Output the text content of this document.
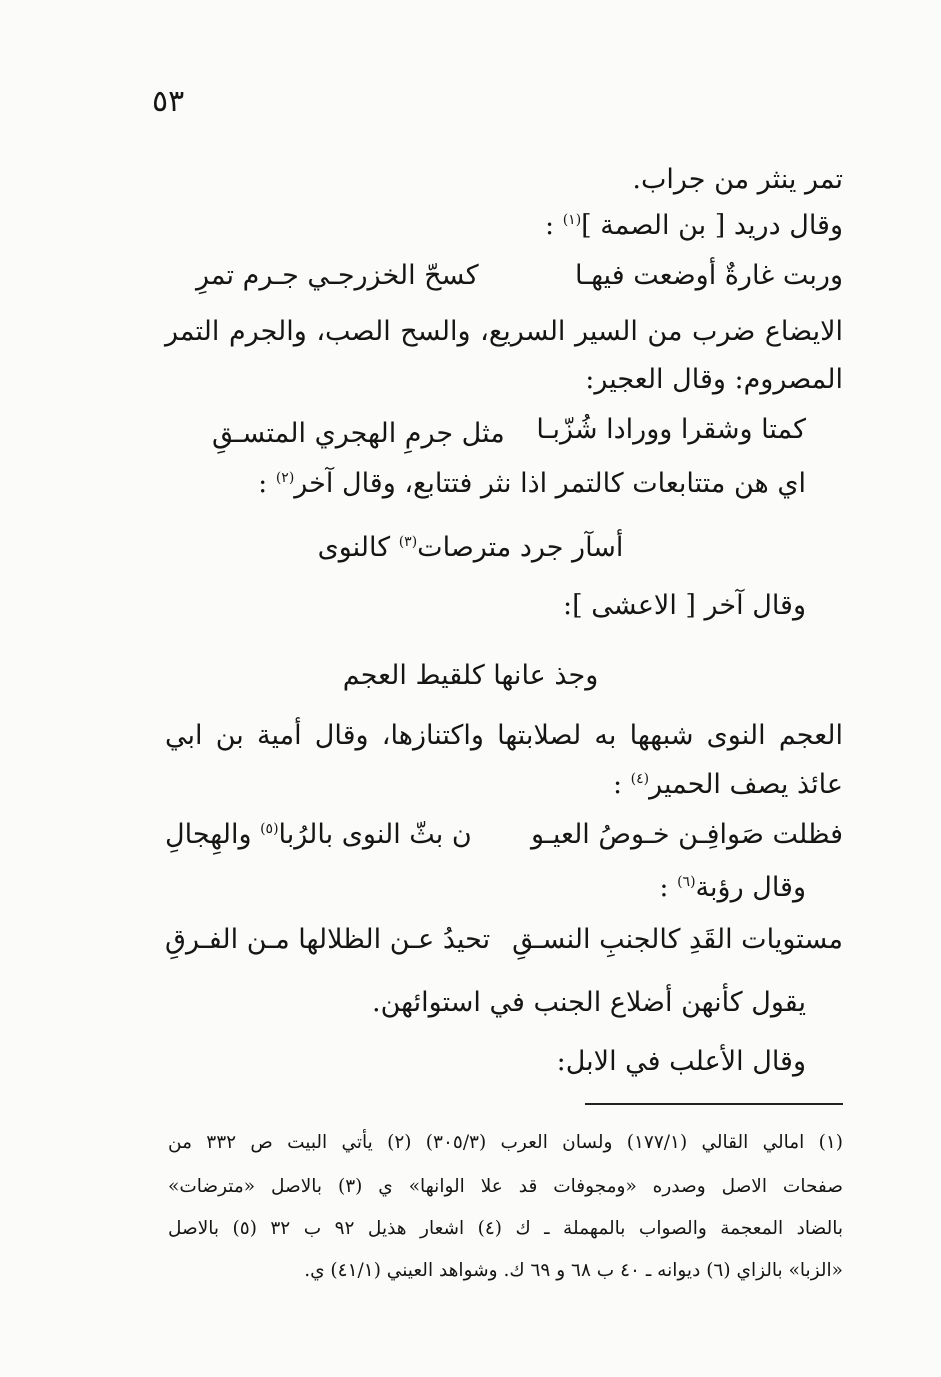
٥٣
تمر ينثر من جراب.
وقال دريد [ بن الصمة ]$^{(١)}$ :
وربت غارةٌ أوضعت فيهـا
كسحّ الخزرجـي جـرم تمرِ
الايضاع ضرب من السير السريع، والسح الصب، والجرم التمر
المصروم: وقال العجير:
كمتا وشقرا وورادا شُزّبـا
مثل جرمِ الهجري المتسـقِ
اي هن متتابعات كالتمر اذا نثر فتتابع، وقال آخر$^{(٢)}$ :
أسآر جرد مترصات$^{(٣)}$ كالنوى
وقال آخر [ الاعشى ]:
وجذ عانها كلقيط العجم
العجم النوى شبهها به لصلابتها واكتنازها، وقال أمية بن ابي
عائذ يصف الحمير$^{(٤)}$ :
فظلت صَوافِـن خـوصُ العيـو
ن بثّ النوى بالرُبا$^{(٥)}$ والهِجالِ
وقال رؤبة$^{(٦)}$ :
مستويات القَدِ كالجنبِ النسـقِ
تحيدُ عـن الظلالها مـن الفـرقِ
يقول كأنهن أضلاع الجنب في استوائهن.
وقال الأعلب في الابل:
(١) امالي القالي (١٧٧/١) ولسان العرب (٣٠٥/٣) (٢) يأتي البيت ص ٣٣٢ من
صفحات الاصل وصدره «ومجوفات قد علا الوانها» ي (٣) بالاصل «مترضات»
بالضاد المعجمة والصواب بالمهملة ـ ك (٤) اشعار هذيل ٩٢ ب ٣٢ (٥) بالاصل
«الزبا» بالزاي (٦) ديوانه ـ ٤٠ ب ٦٨ و ٦٩ ك. وشواهد العيني (٤١/١) ي.
